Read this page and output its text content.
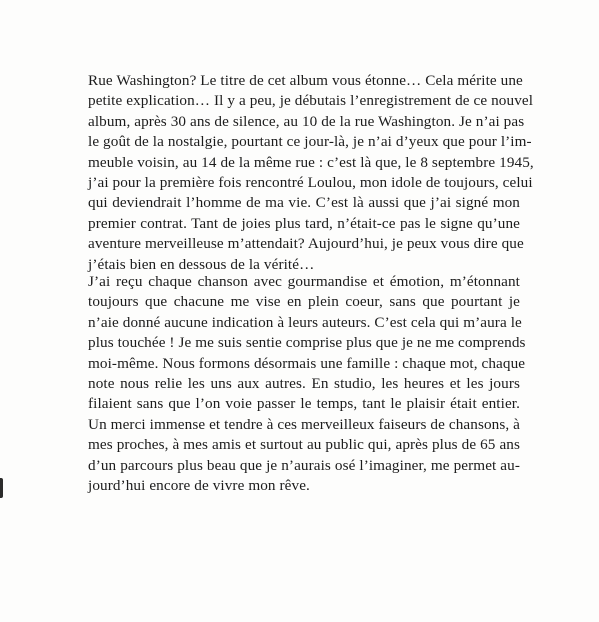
Rue Washington? Le titre de cet album vous étonne… Cela mérite une
petite explication… Il y a peu, je débutais l’enregistrement de ce nouvel
album, après 30 ans de silence, au 10 de la rue Washington. Je n’ai pas
le goût de la nostalgie, pourtant ce jour-là, je n’ai d’yeux que pour l’im-
meuble voisin, au 14 de la même rue : c’est là que, le 8 septembre 1945,
j’ai pour la première fois rencontré Loulou, mon idole de toujours, celui
qui deviendrait l’homme de ma vie. C’est là aussi que j’ai signé mon
premier contrat. Tant de joies plus tard, n’était-ce pas le signe qu’une
aventure merveilleuse m’attendait? Aujourd’hui, je peux vous dire que
j’étais bien en dessous de la vérité…
J’ai reçu chaque chanson avec gourmandise et émotion, m’étonnant
toujours que chacune me vise en plein coeur, sans que pourtant je
n’aie donné aucune indication à leurs auteurs. C’est cela qui m’aura le
plus touchée ! Je me suis sentie comprise plus que je ne me comprends
moi-même. Nous formons désormais une famille : chaque mot, chaque
note nous relie les uns aux autres. En studio, les heures et les jours
filaient sans que l’on voie passer le temps, tant le plaisir était entier.
Un merci immense et tendre à ces merveilleux faiseurs de chansons, à
mes proches, à mes amis et surtout au public qui, après plus de 65 ans
d’un parcours plus beau que je n’aurais osé l’imaginer, me permet au-
jourd’hui encore de vivre mon rêve.
